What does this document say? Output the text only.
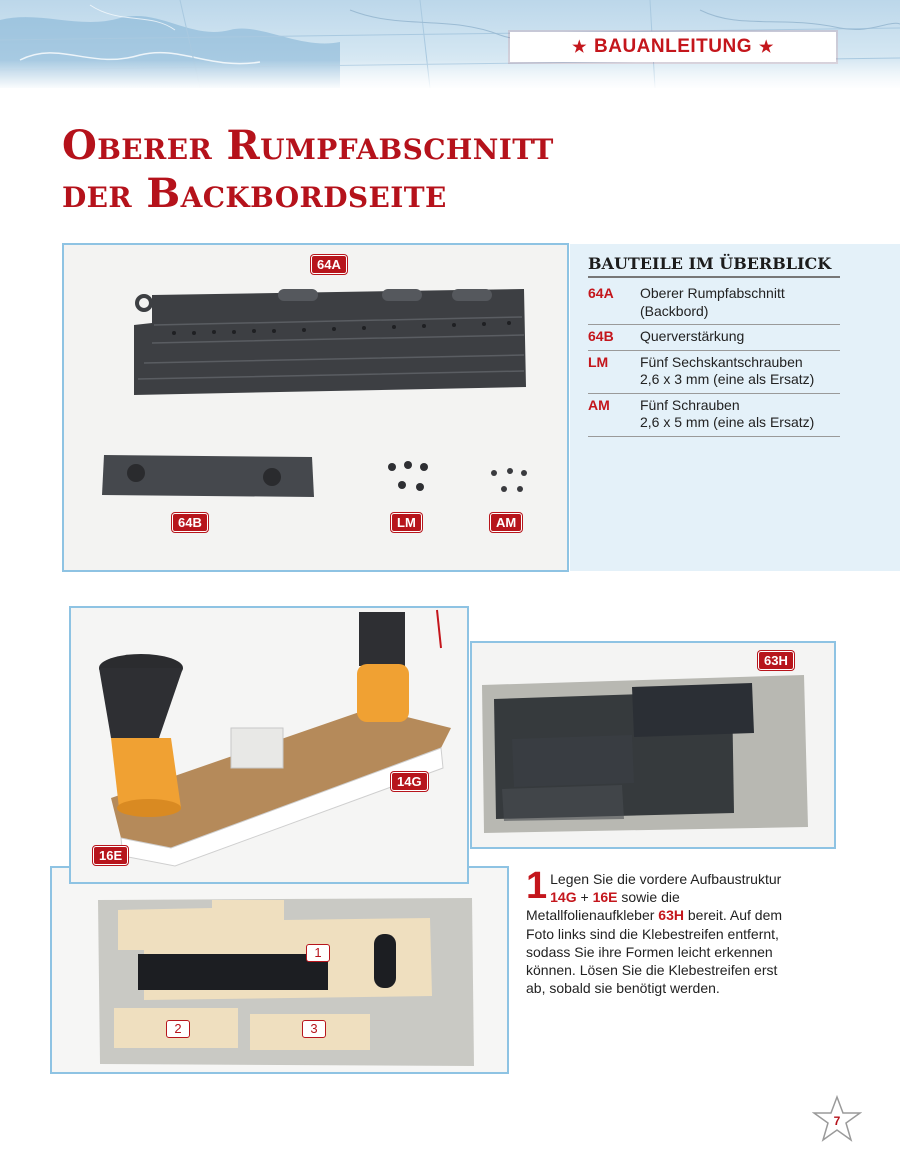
★ BAUANLEITUNG ★
Oberer Rumpfabschnitt
der Backbordseite
64A
64B	LM	AM
BAUTEILE IM ÜBERBLICK
64A	Oberer Rumpfabschnitt
(Backbord)
64B	Querverstärkung
LM	Fünf Sechskantschrauben
2,6 x 3 mm (eine als Ersatz)
AM	Fünf Schrauben
2,6 x 5 mm (eine als Ersatz)
63H
14G
16E
1
2	3
1 Legen Sie die vordere Aufbaustruktur 14G + 16E sowie die Metallfolienaufkleber 63H bereit. Auf dem Foto links sind die Klebestreifen entfernt, sodass Sie ihre Formen leicht erkennen können. Lösen Sie die Klebestreifen erst ab, sobald sie benötigt werden.
7
